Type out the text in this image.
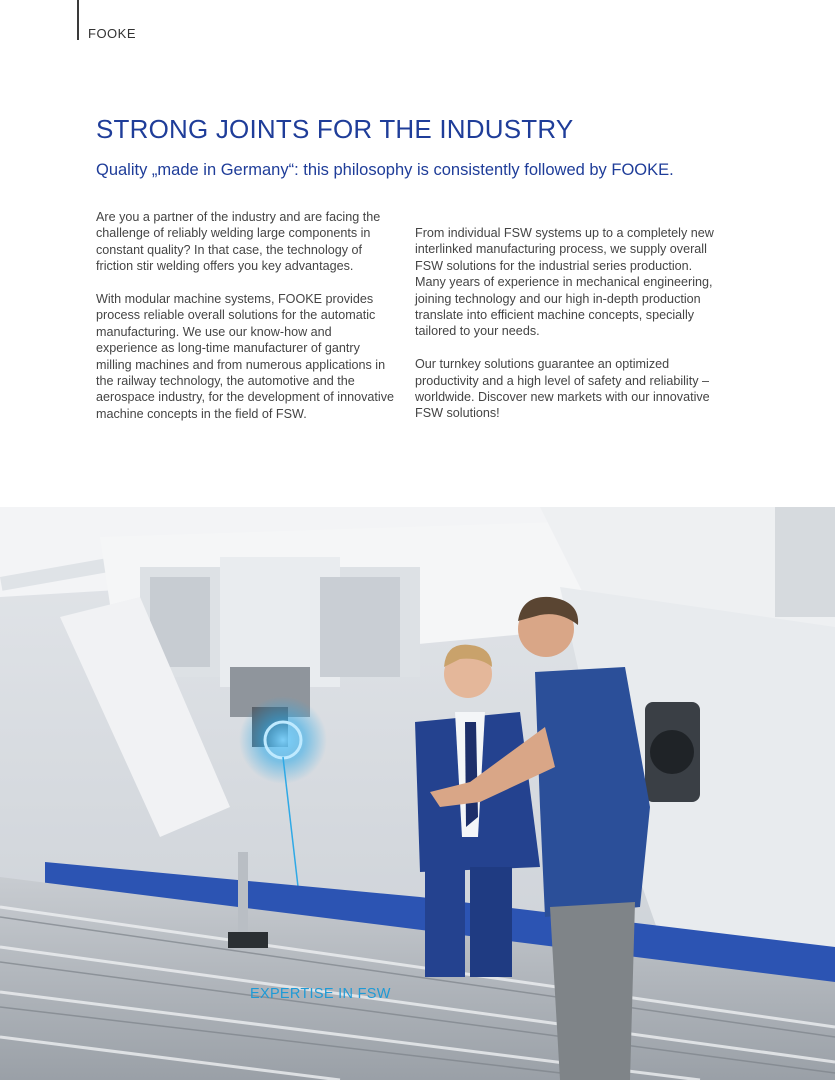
FOOKE
STRONG JOINTS FOR THE INDUSTRY
Quality „made in Germany“: this philosophy is consistently followed by FOOKE.

Are you a partner of the industry and are facing the challenge of reliably welding large components in constant quality? In that case, the technology of friction stir welding offers you key advantages.

With modular machine systems, FOOKE provides process reliable overall solutions for the automatic manufacturing. We use our know-how and experience as long-time manufacturer of gantry milling machines and from numerous applications in the railway technology, the automotive and the aerospace industry, for the development of innovative machine concepts in the field of FSW.

From individual FSW systems up to a completely new interlinked manufacturing process, we supply overall FSW solutions for the industrial series production. Many years of experience in mechanical engineering, joining technology and our high in-depth production translate into efficient machine concepts, specially tailored to your needs.

Our turnkey solutions guarantee an optimized productivity and a high level of safety and reliability – worldwide. Discover new markets with our innovative FSW solutions!

EXPERTISE IN FSW
